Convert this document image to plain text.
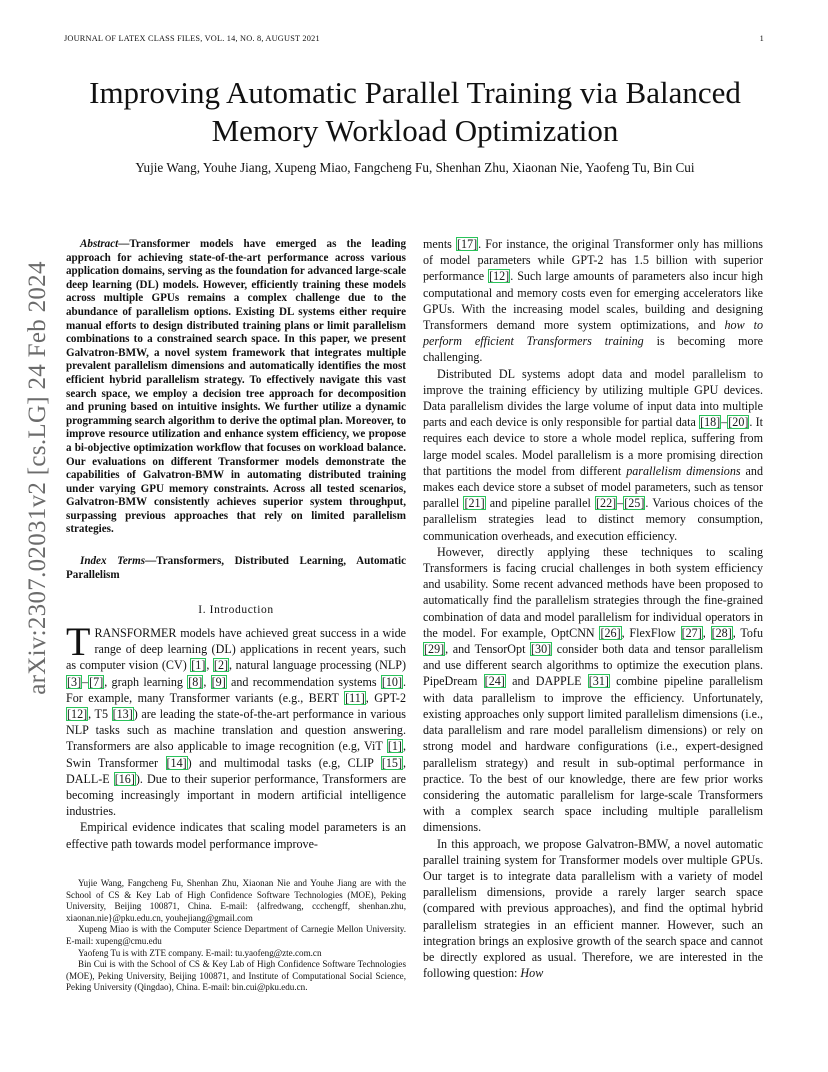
JOURNAL OF LATEX CLASS FILES, VOL. 14, NO. 8, AUGUST 2021	1
arXiv:2307.02031v2 [cs.LG] 24 Feb 2024
Improving Automatic Parallel Training via Balanced
Memory Workload Optimization
Yujie Wang, Youhe Jiang, Xupeng Miao, Fangcheng Fu, Shenhan Zhu, Xiaonan Nie, Yaofeng Tu, Bin Cui

Abstract—Transformer models have emerged as the leading approach for achieving state-of-the-art performance across various application domains, serving as the foundation for advanced large-scale deep learning (DL) models. However, efficiently training these models across multiple GPUs remains a complex challenge due to the abundance of parallelism options. Existing DL systems either require manual efforts to design distributed training plans or limit parallelism combinations to a constrained search space. In this paper, we present Galvatron-BMW, a novel system framework that integrates multiple prevalent parallelism dimensions and automatically identifies the most efficient hybrid parallelism strategy. To effectively navigate this vast search space, we employ a decision tree approach for decomposition and pruning based on intuitive insights. We further utilize a dynamic programming search algorithm to derive the optimal plan. Moreover, to improve resource utilization and enhance system efficiency, we propose a bi-objective optimization workflow that focuses on workload balance. Our evaluations on different Transformer models demonstrate the capabilities of Galvatron-BMW in automating distributed training under varying GPU memory constraints. Across all tested scenarios, Galvatron-BMW consistently achieves superior system throughput, surpassing previous approaches that rely on limited parallelism strategies.

Index Terms—Transformers, Distributed Learning, Automatic Parallelism

I. Introduction

TRANSFORMER models have achieved great success in a wide range of deep learning (DL) applications in recent years, such as computer vision (CV) [1], [2], natural language processing (NLP) [3]–[7], graph learning [8], [9] and recommendation systems [10]. For example, many Transformer variants (e.g., BERT [11], GPT-2 [12], T5 [13]) are leading the state-of-the-art performance in various NLP tasks such as machine translation and question answering. Transformers are also applicable to image recognition (e.g, ViT [1], Swin Transformer [14]) and multimodal tasks (e.g, CLIP [15], DALL-E [16]). Due to their superior performance, Transformers are becoming increasingly important in modern artificial intelligence industries.

Empirical evidence indicates that scaling model parameters is an effective path towards model performance improve-

Yujie Wang, Fangcheng Fu, Shenhan Zhu, Xiaonan Nie and Youhe Jiang are with the School of CS & Key Lab of High Confidence Software Technologies (MOE), Peking University, Beijing 100871, China. E-mail: {alfredwang, ccchengff, shenhan.zhu, xiaonan.nie}@pku.edu.cn, youhejiang@gmail.com

Xupeng Miao is with the Computer Science Department of Carnegie Mellon University. E-mail: xupeng@cmu.edu

Yaofeng Tu is with ZTE company. E-mail: tu.yaofeng@zte.com.cn

Bin Cui is with the School of CS & Key Lab of High Confidence Software Technologies (MOE), Peking University, Beijing 100871, and Institute of Computational Social Science, Peking University (Qingdao), China. E-mail: bin.cui@pku.edu.cn.

ments [17]. For instance, the original Transformer only has millions of model parameters while GPT-2 has 1.5 billion with superior performance [12]. Such large amounts of parameters also incur high computational and memory costs even for emerging accelerators like GPUs. With the increasing model scales, building and designing Transformers demand more system optimizations, and how to perform efficient Transformers training is becoming more challenging.

Distributed DL systems adopt data and model parallelism to improve the training efficiency by utilizing multiple GPU devices. Data parallelism divides the large volume of input data into multiple parts and each device is only responsible for partial data [18]–[20]. It requires each device to store a whole model replica, suffering from large model scales. Model parallelism is a more promising direction that partitions the model from different parallelism dimensions and makes each device store a subset of model parameters, such as tensor parallel [21] and pipeline parallel [22]–[25]. Various choices of the parallelism strategies lead to distinct memory consumption, communication overheads, and execution efficiency.

However, directly applying these techniques to scaling Transformers is facing crucial challenges in both system efficiency and usability. Some recent advanced methods have been proposed to automatically find the parallelism strategies through the fine-grained combination of data and model parallelism for individual operators in the model. For example, OptCNN [26], FlexFlow [27], [28], Tofu [29], and TensorOpt [30] consider both data and tensor parallelism and use different search algorithms to optimize the execution plans. PipeDream [24] and DAPPLE [31] combine pipeline parallelism with data parallelism to improve the efficiency. Unfortunately, existing approaches only support limited parallelism dimensions (i.e., data parallelism and rare model parallelism dimensions) or rely on strong model and hardware configurations (i.e., expert-designed parallelism strategy) and result in sub-optimal performance in practice. To the best of our knowledge, there are few prior works considering the automatic parallelism for large-scale Transformers with a complex search space including multiple parallelism dimensions.

In this approach, we propose Galvatron-BMW, a novel automatic parallel training system for Transformer models over multiple GPUs. Our target is to integrate data parallelism with a variety of model parallelism dimensions, provide a rarely larger search space (compared with previous approaches), and find the optimal hybrid parallelism strategies in an efficient manner. However, such an integration brings an explosive growth of the search space and cannot be directly explored as usual. Therefore, we are interested in the following question: How
